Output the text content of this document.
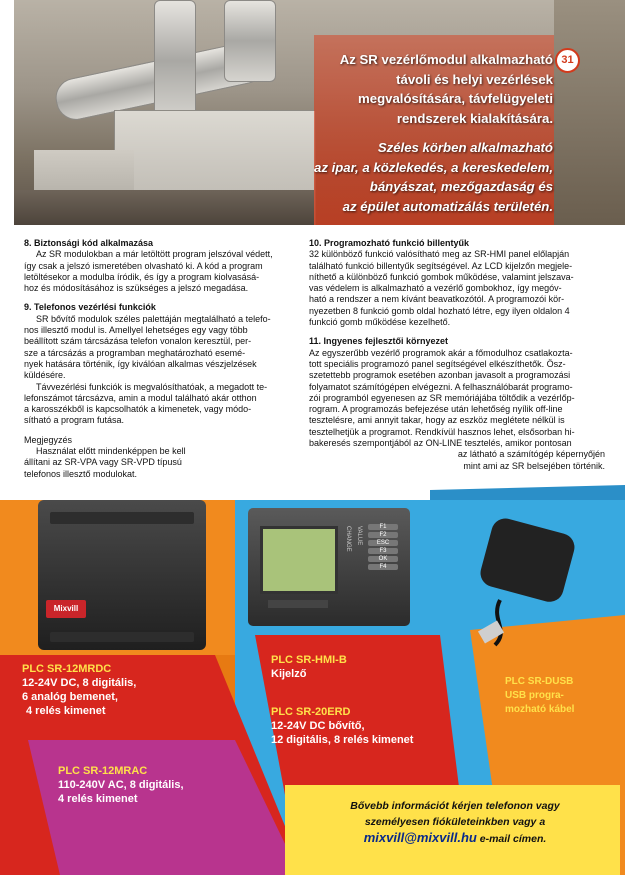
31
Az SR vezérlőmodul alkalmazható
távoli és helyi vezérlések
megvalósítására, távfelügyeleti
rendszerek kialakítására.
Széles körben alkalmazható
az ipar, a közlekedés, a kereskedelem,
bányászat, mezőgazdaság és
az épület automatizálás területén.

8. Biztonsági kód alkalmazása

Az SR modulokban a már letöltött program jelszóval védett,

így csak a jelszó ismeretében olvasható ki. A kód a program

letöltésekor a modulba íródik, és így a program kiolvasásá-

hoz és módosításához is szükséges a jelszó megadása.

9. Telefonos vezérlési funkciók

SR bővítő modulok széles palettáján megtalálható a telefo-

nos illesztő modul is. Amellyel lehetséges egy vagy több

beállított szám tárcsázása telefon vonalon keresztül, per-

sze a tárcsázás a programban meghatározható esemé-

nyek hatására történik, így kiválóan alkalmas vészjelzések

küldésére.

Távvezérlési funkciók is megvalósíthatóak, a megadott te-

lefonszámot tárcsázva, amin a modul található akár otthon

a karosszékből is kapcsolhatók a kimenetek, vagy módo-

sítható a program futása.

Megjegyzés

Használat előtt mindenképpen be kell

állítani az SR-VPA vagy SR-VPD típusú

telefonos illesztő modulokat.

10. Programozható funkció billentyűk

32 különböző funkció valósítható meg az SR-HMI panel előlapján

található funkció billentyűk segítségével. Az LCD kijelzőn megjele-

níthető a különböző funkció gombok működése, valamint jelszava-

vas védelem is alkalmazható a vezérlő gombokhoz, így megóv-

ható a rendszer a nem kívánt beavatkozótól. A programozói kör-

nyezetben 8 funkció gomb oldal hozható létre, egy ilyen oldalon 4

funkció gomb működése kezelhető.

11. Ingyenes fejlesztői környezet

Az egyszerűbb vezérlő programok akár a főmodulhoz csatlakozta-

tott speciális programozó panel segítségével elkészíthetők. Ösz-

szetettebb programok esetében azonban javasolt a programozási

folyamatot számítógépen elvégezni. A felhasználóbarát programo-

zói programból egyenesen az SR memóriájába töltődik a vezérlőp-

rogram. A programozás befejezése után lehetőség nyílik off-line

tesztelésre, ami annyit takar, hogy az eszköz meglétete nélkül is

tesztelhetjük a programot. Rendkívül hasznos lehet, elsősorban hi-

bakeresés szempontjából az ON-LINE tesztelés, amikor pontosan

az látható a számítógép képernyőjén

mint ami az SR belsejében történik.

Mixvill
CHANGE VALUE	F1
F2
ESC
F3
OK
F4
PLC SR-12MRDC
12-24V DC, 8 digitális,
6 analóg bemenet,
4 relés kimenet
PLC SR-12MRAC
110-240V AC, 8 digitális,
4 relés kimenet
PLC SR-HMI-B
Kijelző
PLC SR-20ERD
12-24V DC bővítő,
12 digitális, 8 relés kimenet
PLC SR-DUSB
USB progra-
mozható kábel
Bővebb információt kérjen telefonon vagy
személyesen fiókületeinkben vagy a
mixvill@mixvill.hu e-mail címen.
